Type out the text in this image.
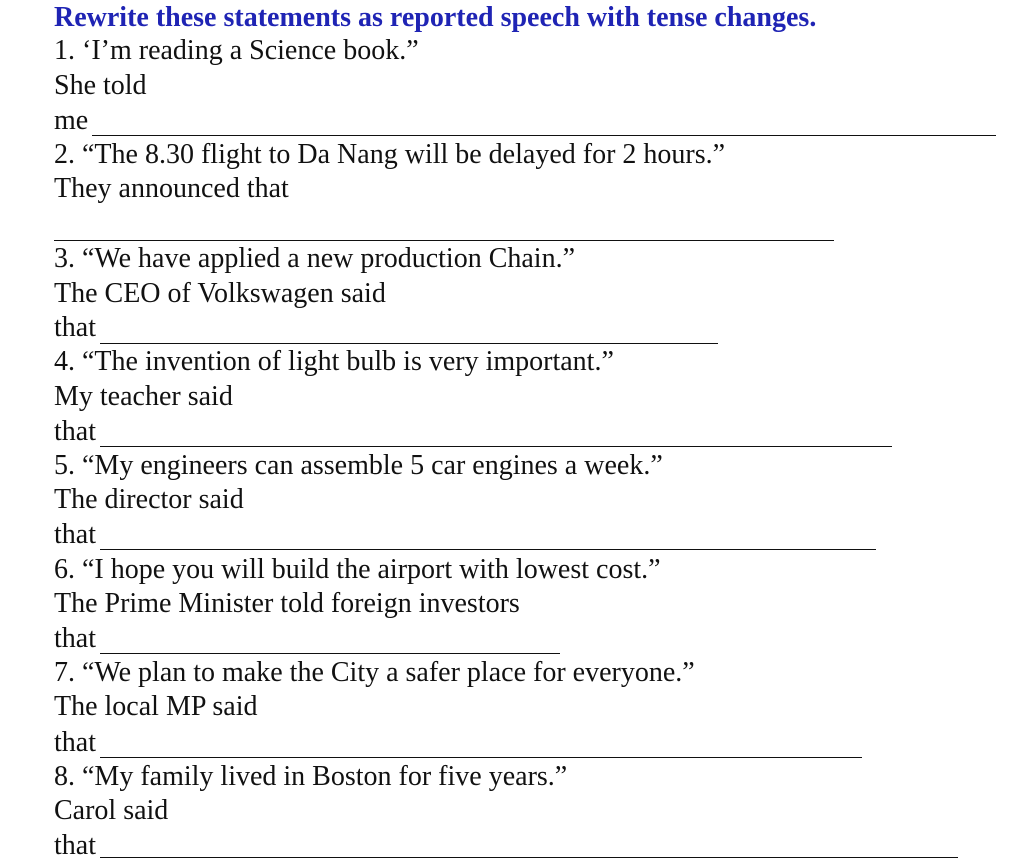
Rewrite these statements as reported speech with tense changes.
1. ‘I’m reading a Science book.”
She told
me
2. “The 8.30 flight to Da Nang will be delayed for 2 hours.”
They announced that
3. “We have applied a new production Chain.”
The CEO of Volkswagen said
that
4. “The invention of light bulb is very important.”
My teacher said
that
5. “My engineers can assemble 5 car engines a week.”
The director said
that
6. “I hope you will build the airport with lowest cost.”
The Prime Minister told foreign investors
that
7. “We plan to make the City a safer place for everyone.”
The local MP said
that
8. “My family lived in Boston for five years.”
Carol said
that
